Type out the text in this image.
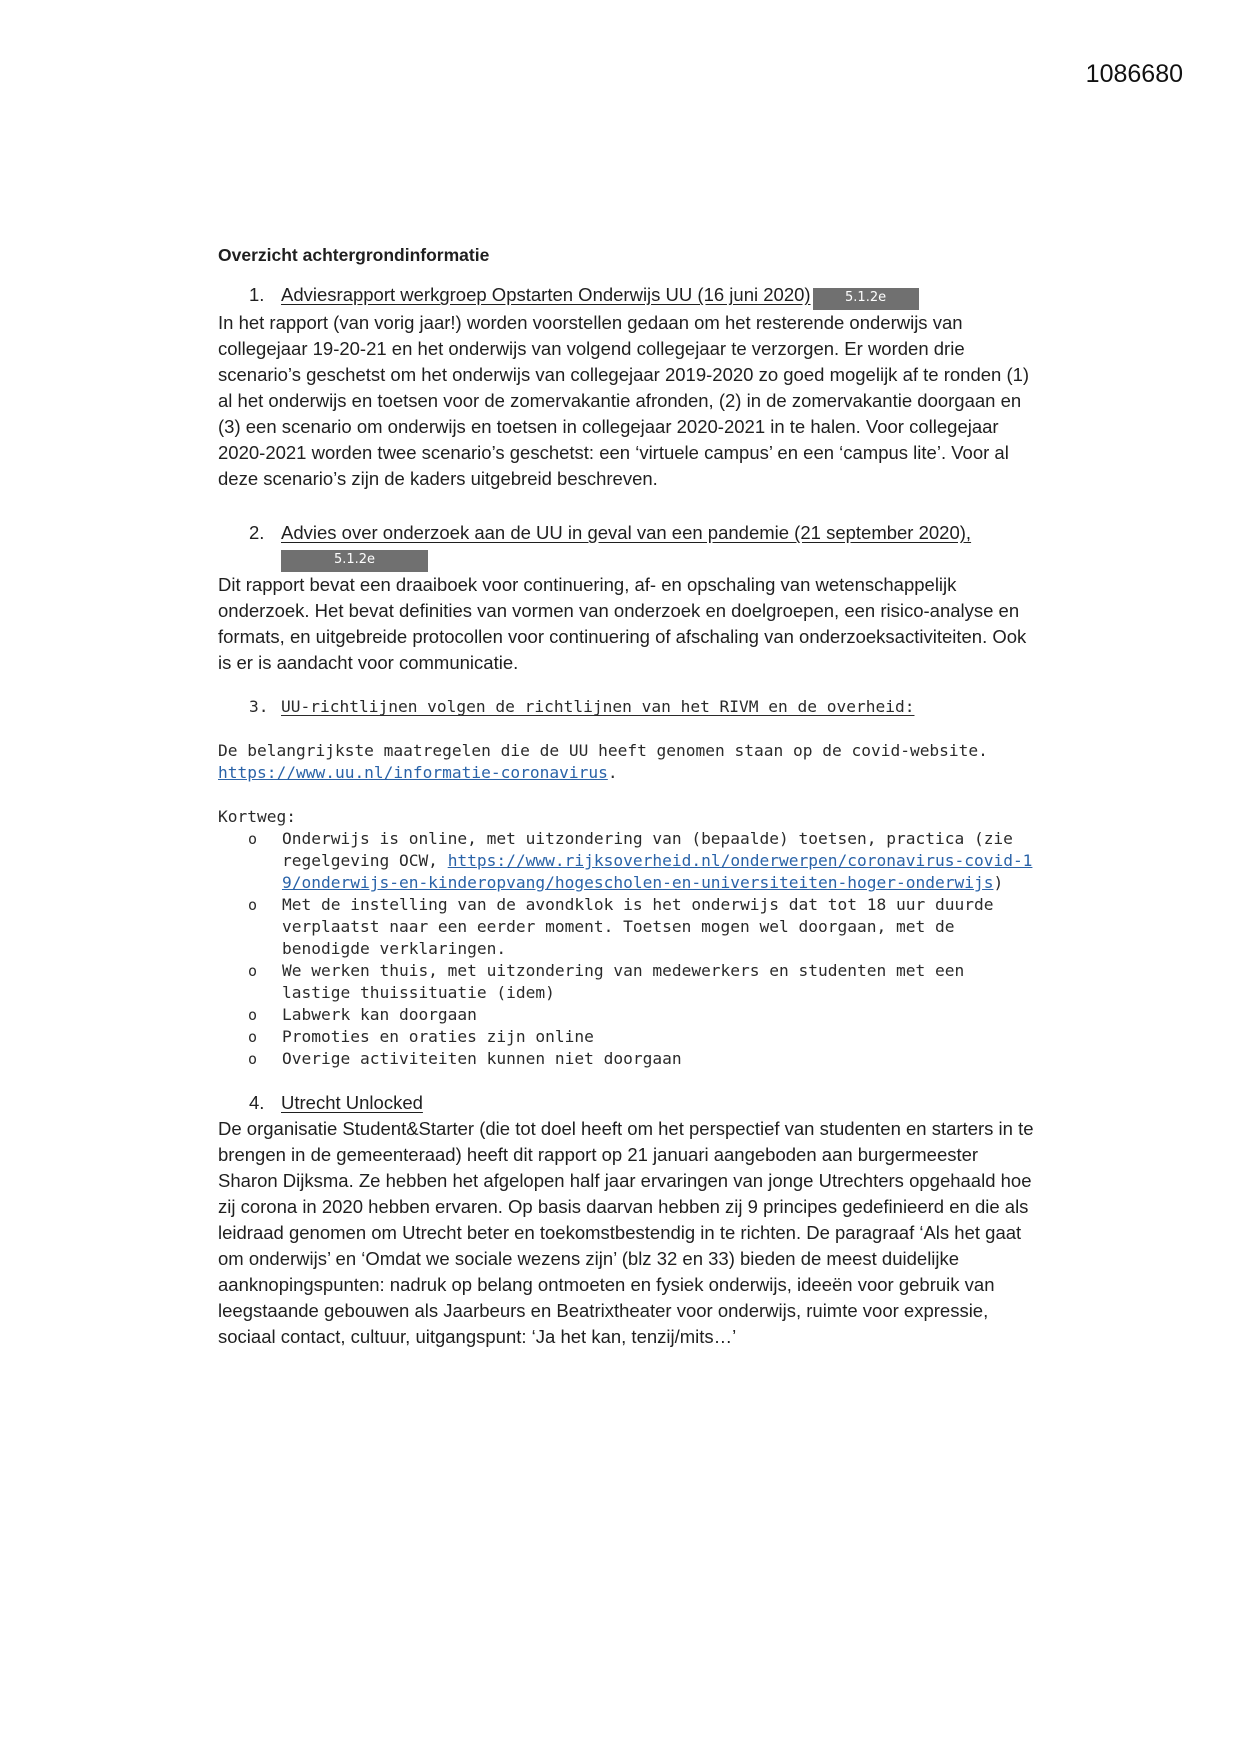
1086680
Overzicht achtergrondinformatie
1. Adviesrapport werkgroep Opstarten Onderwijs UU (16 juni 2020)	5.1.2e

In het rapport (van vorig jaar!) worden voorstellen gedaan om het resterende onderwijs van collegejaar 19-20-21 en het onderwijs van volgend collegejaar te verzorgen. Er worden drie scenario’s geschetst om het onderwijs van collegejaar 2019-2020 zo goed mogelijk af te ronden (1) al het onderwijs en toetsen voor de zomervakantie afronden, (2) in de zomervakantie doorgaan en (3) een scenario om onderwijs en toetsen in collegejaar 2020-2021 in te halen. Voor collegejaar 2020-2021 worden twee scenario’s geschetst: een ‘virtuele campus’ en een ‘campus lite’. Voor al deze scenario’s zijn de kaders uitgebreid beschreven.

2. Advies over onderzoek aan de UU in geval van een pandemie (21 september 2020),
5.1.2e

Dit rapport bevat een draaiboek voor continuering, af- en opschaling van wetenschappelijk onderzoek. Het bevat definities van vormen van onderzoek en doelgroepen, een risico-analyse en formats, en uitgebreide protocollen voor continuering of afschaling van onderzoeksactiviteiten. Ook is er is aandacht voor communicatie.

3. UU-richtlijnen volgen de richtlijnen van het RIVM en de overheid:

De belangrijkste maatregelen die de UU heeft genomen staan op de covid-website.
https://www.uu.nl/informatie-coronavirus.

Kortweg:

o	Onderwijs is online, met uitzondering van (bepaalde) toetsen, practica (zie regelgeving OCW, https://www.rijksoverheid.nl/onderwerpen/coronavirus-covid-19/onderwijs-en-kinderopvang/hogescholen-en-universiteiten-hoger-onderwijs)
o	Met de instelling van de avondklok is het onderwijs dat tot 18 uur duurde verplaatst naar een eerder moment. Toetsen mogen wel doorgaan, met de benodigde verklaringen.
o	We werken thuis, met uitzondering van medewerkers en studenten met een lastige thuissituatie (idem)
o	Labwerk kan doorgaan
o	Promoties en oraties zijn online
o	Overige activiteiten kunnen niet doorgaan
4. Utrecht Unlocked

De organisatie Student&Starter (die tot doel heeft om het perspectief van studenten en starters in te brengen in de gemeenteraad) heeft dit rapport op 21 januari aangeboden aan burgermeester Sharon Dijksma. Ze hebben het afgelopen half jaar ervaringen van jonge Utrechters opgehaald hoe zij corona in 2020 hebben ervaren. Op basis daarvan hebben zij 9 principes gedefinieerd en die als leidraad genomen om Utrecht beter en toekomstbestendig in te richten. De paragraaf ‘Als het gaat om onderwijs’ en ‘Omdat we sociale wezens zijn’ (blz 32 en 33) bieden de meest duidelijke aanknopingspunten: nadruk op belang ontmoeten en fysiek onderwijs, ideeën voor gebruik van leegstaande gebouwen als Jaarbeurs en Beatrixtheater voor onderwijs, ruimte voor expressie, sociaal contact, cultuur, uitgangspunt: ‘Ja het kan, tenzij/mits…’
